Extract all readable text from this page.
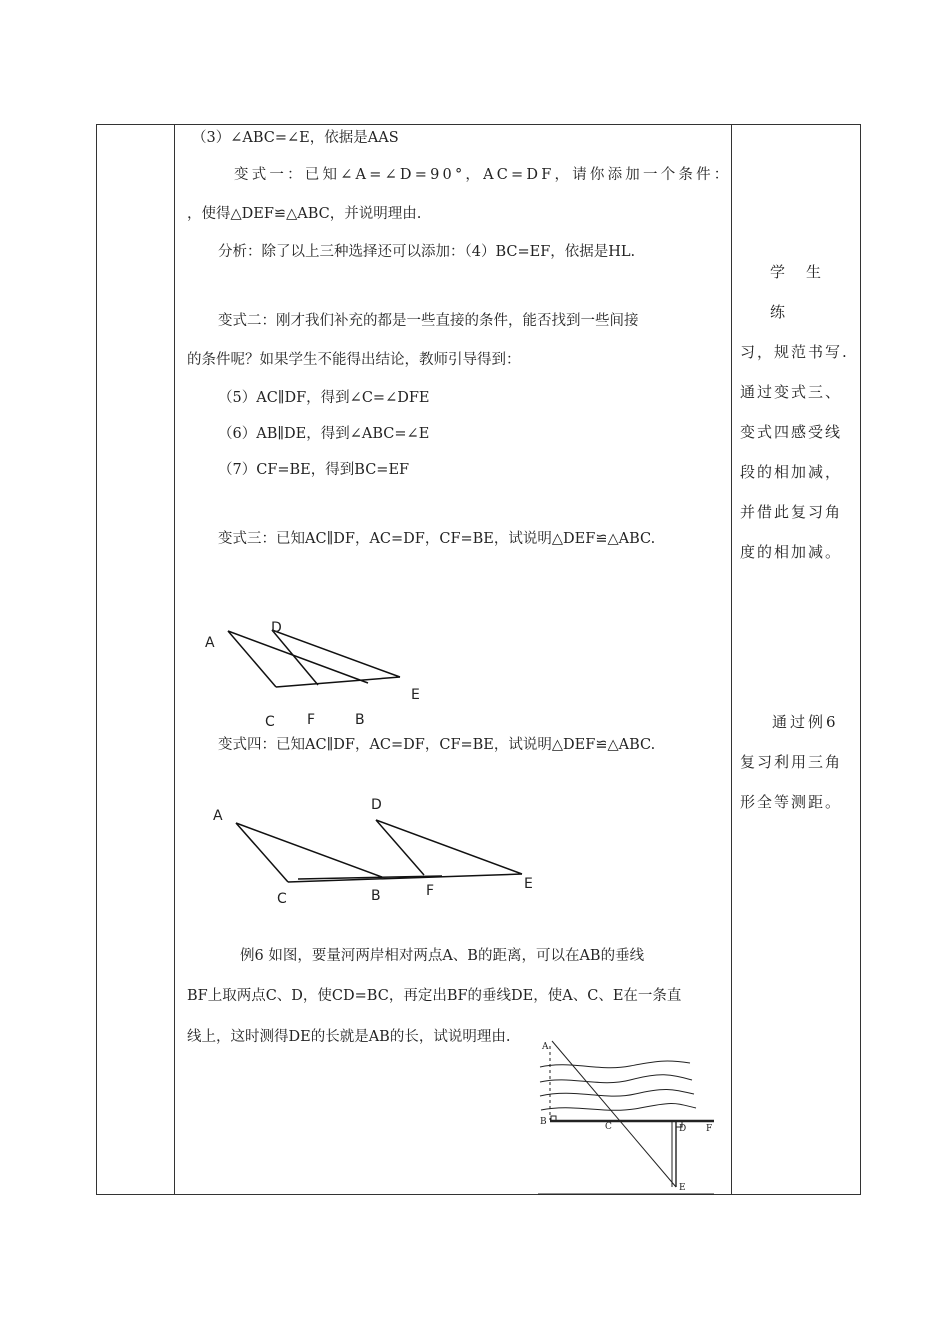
（3）∠ABC=∠E，依据是AAS
变式一：已知∠A=∠D=90°，AC=DF，请你添加一个条件：
，使得△DEF≌△ABC，并说明理由.
分析：除了以上三种选择还可以添加：（4）BC=EF，依据是HL.
变式二：刚才我们补充的都是一些直接的条件，能否找到一些间接
的条件呢？如果学生不能得出结论，教师引导得到：
（5）AC∥DF，得到∠C=∠DFE
（6）AB∥DE，得到∠ABC=∠E
（7）CF=BE，得到BC=EF
变式三：已知AC∥DF，AC=DF，CF=BE，试说明△DEF≌△ABC.
A
D
E
C F	B
变式四：已知AC∥DF，AC=DF，CF=BE，试说明△DEF≌△ABC.
A
D
C	B	F	E
例6 如图，要量河两岸相对两点A、B的距离，可以在AB的垂线
BF上取两点C、D，使CD=BC，再定出BF的垂线DE，使A、C、E在一条直
线上，这时测得DE的长就是AB的长，试说明理由.
A
B	C	D F
E
学　生　练
习，规范书写.
通过变式三、
变式四感受线
段的相加减，
并借此复习角
度的相加减。
通过例6
复习利用三角
形全等测距。
